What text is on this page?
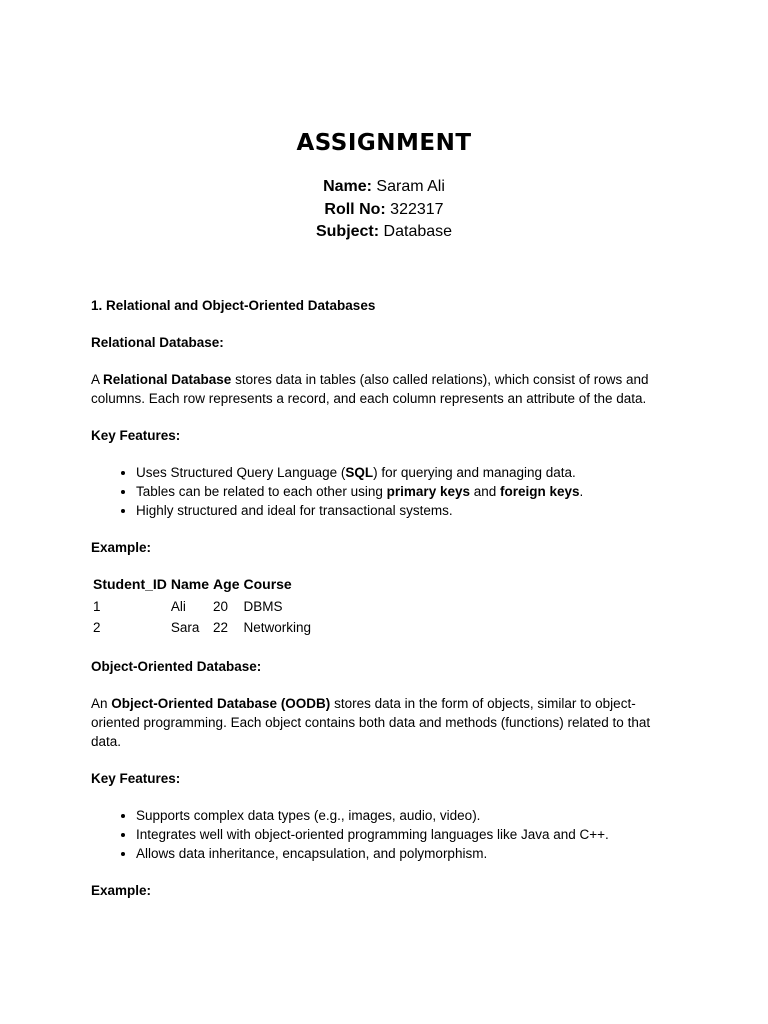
ASSIGNMENT
Name: Saram Ali
Roll No: 322317
Subject: Database

1. Relational and Object-Oriented Databases

Relational Database:

A Relational Database stores data in tables (also called relations), which consist of rows and columns. Each row represents a record, and each column represents an attribute of the data.

Key Features:

• Uses Structured Query Language (SQL) for querying and managing data.
• Tables can be related to each other using primary keys and foreign keys.
• Highly structured and ideal for transactional systems.

Example:

Student_ID	Name	Age	Course
1	Ali	20	DBMS
2	Sara	22	Networking

Object-Oriented Database:

An Object-Oriented Database (OODB) stores data in the form of objects, similar to object-oriented programming. Each object contains both data and methods (functions) related to that data.

Key Features:

• Supports complex data types (e.g., images, audio, video).
• Integrates well with object-oriented programming languages like Java and C++.
• Allows data inheritance, encapsulation, and polymorphism.

Example:
